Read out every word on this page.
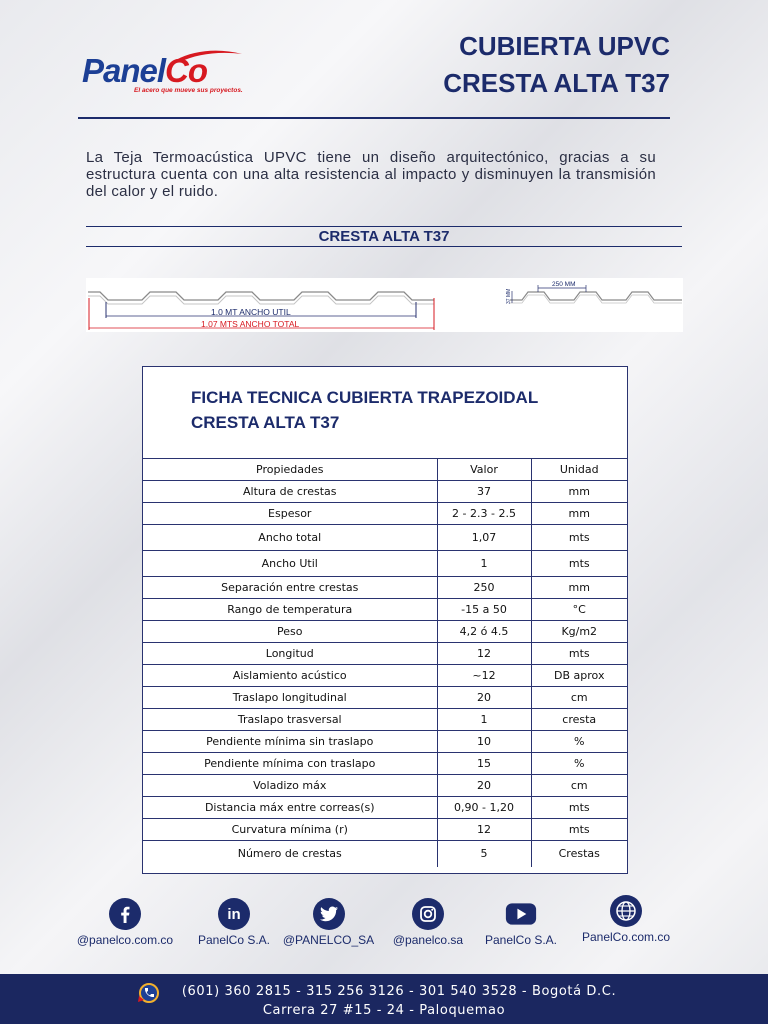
PanelCo
El acero que mueve sus proyectos.
CUBIERTA UPVC
CRESTA ALTA T37

La Teja Termoacústica UPVC tiene un diseño arquitectónico, gracias a su estructura cuenta con una alta resistencia al impacto y disminuyen la transmisión del calor y el ruido.

CRESTA ALTA T37
1.0 MT ANCHO UTIL
1.07 MTS ANCHO TOTAL
250 MM
37 MM
FICHA TECNICA CUBIERTA TRAPEZOIDAL
CRESTA ALTA T37
Propiedades	Valor	Unidad
Altura de crestas	37	mm
Espesor	2 - 2.3 - 2.5	mm
Ancho total	1,07	mts
Ancho Util	1	mts
Separación entre crestas	250	mm
Rango de temperatura	-15 a 50	°C
Peso	4,2 ó 4.5	Kg/m2
Longitud	12	mts
Aislamiento acústico	~12	DB aprox
Traslapo longitudinal	20	cm
Traslapo trasversal	1	cresta
Pendiente mínima sin traslapo	10	%
Pendiente mínima con traslapo	15	%
Voladizo máx	20	cm
Distancia máx entre correas(s)	0,90 - 1,20	mts
Curvatura mínima (r)	12	mts
Número de crestas	5	Crestas
@panelco.com.co
in
PanelCo S.A.	@PANELCO_SA	@panelco.sa	PanelCo S.A.	PanelCo.com.co
(601) 360 2815 - 315 256 3126 - 301 540 3528 - Bogotá D.C.
Carrera 27 #15 - 24 - Paloquemao
